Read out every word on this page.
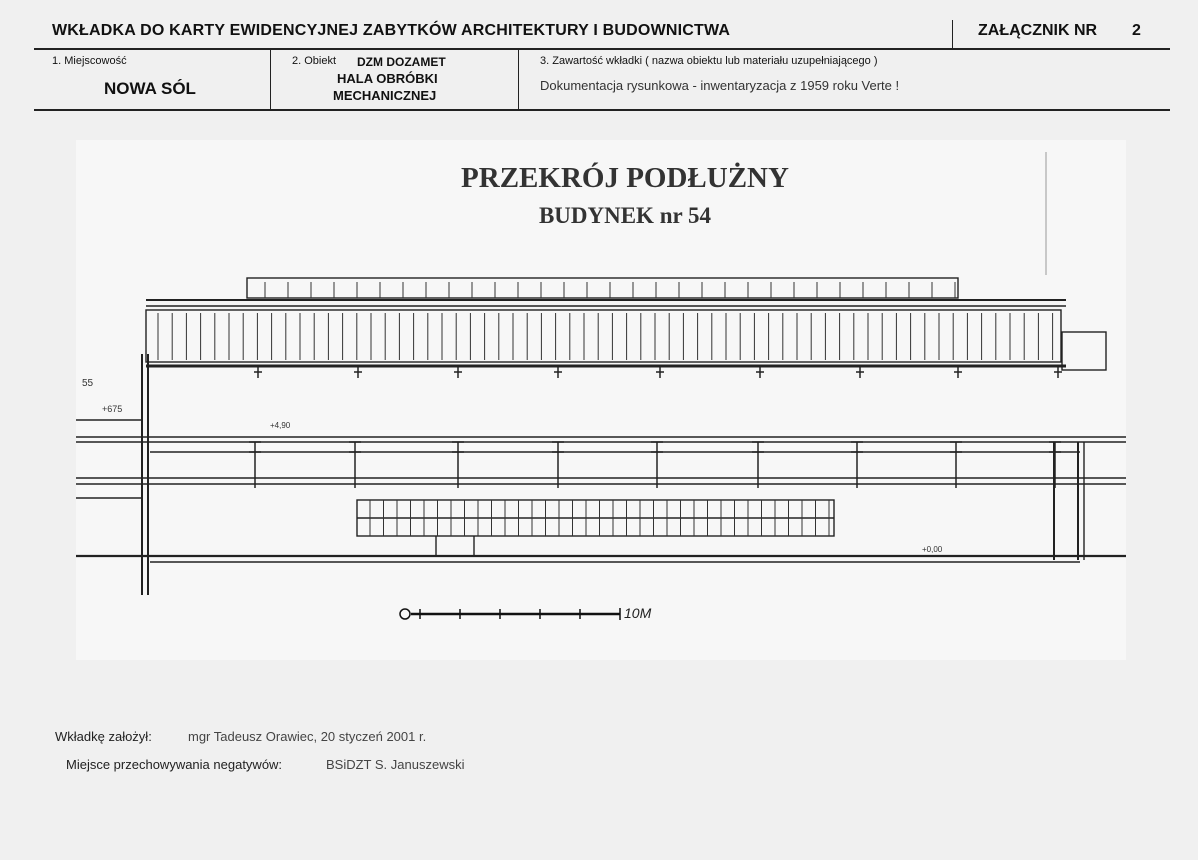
WKŁADKA DO KARTY EWIDENCYJNEJ ZABYTKÓW ARCHITEKTURY I BUDOWNICTWA	ZAŁĄCZNIK NR 2
1. Miejscowość
NOWA SÓL
2. Obiekt DZM DOZAMET
HALA OBRÓBKI
MECHANICZNEJ
3. Zawartość wkładki ( nazwa obiektu lub materiału uzupełniającego )
Dokumentacja rysunkowa - inwentaryzacja z 1959 roku Verte !
PRZEKRÓJ PODŁUŻNY
BUDYNEK nr 54
55
+675
+4,90
+0,00
10M
Wkładkę założył:	mgr Tadeusz Orawiec, 20 styczeń 2001 r.
Miejsce przechowywania negatywów:	BSiDZT S. Januszewski
